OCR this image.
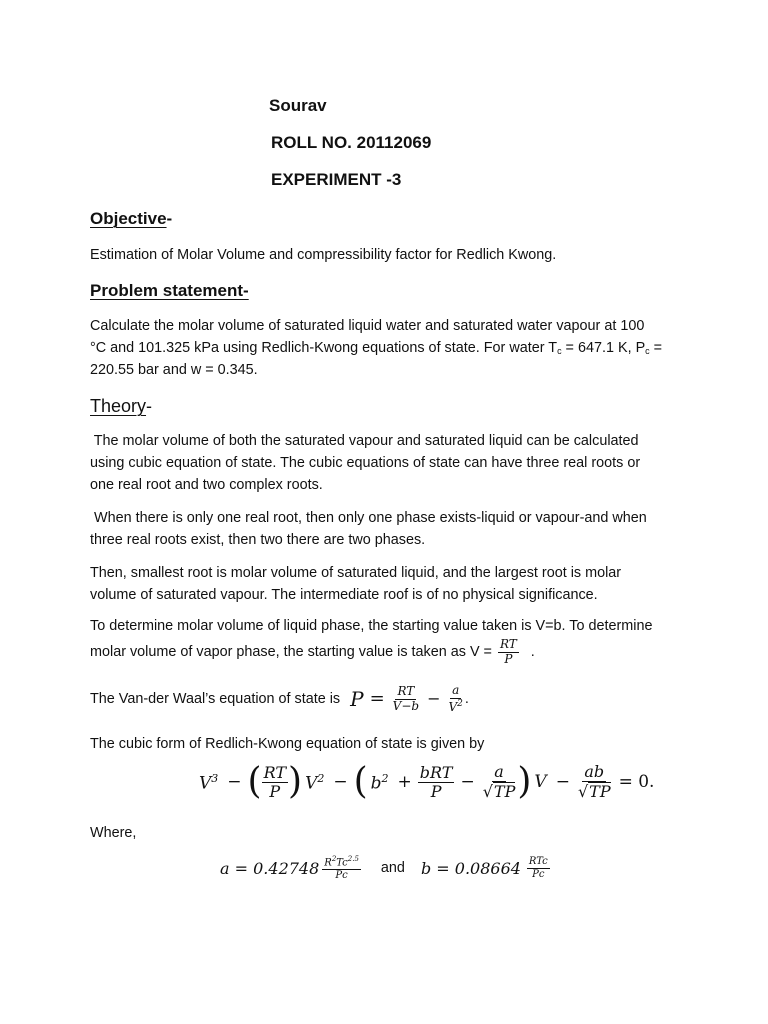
Sourav
ROLL NO. 20112069
EXPERIMENT -3
Objective-
Estimation of Molar Volume and compressibility factor for Redlich Kwong.
Problem statement-
Calculate the molar volume of saturated liquid water and saturated water vapour at 100
°C and 101.325 kPa using Redlich-Kwong equations of state. For water $T_c = 647.1$ K, $P_c$ =
220.55 bar and w = 0.345.
Theory-
The molar volume of both the saturated vapour and saturated liquid can be calculated
using cubic equation of state. The cubic equations of state can have three real roots or
one real root and two complex roots.
When there is only one real root, then only one phase exists-liquid or vapour-and when
three real roots exist, then two there are two phases.
Then, smallest root is molar volume of saturated liquid, and the largest root is molar
volume of saturated vapour. The intermediate roof is of no physical significance.
To determine molar volume of liquid phase, the starting value taken is V=b. To determine
molar volume of vapor phase, the starting value is taken as $V = \frac{RT}{P}$ .
The Van-der Waal’s equation of state is $P = \frac{RT}{V-b} - \frac{a}{V^2}$ .
The cubic form of Redlich-Kwong equation of state is given by
$V^3$ − ( $\frac{RT}{P}$ ) $V^2$ − ( $b^2 + \frac{\text{bRT}}{P} - \frac{a}{√TP}$ ) $V - \frac{ab}{√TP} = 0$.
Where,
$a = 0.42748 \frac{R^2Tc^{2.5}}{Pc}$ and $b = 0.08664 \frac{\text{RTc}}{Pc}$
